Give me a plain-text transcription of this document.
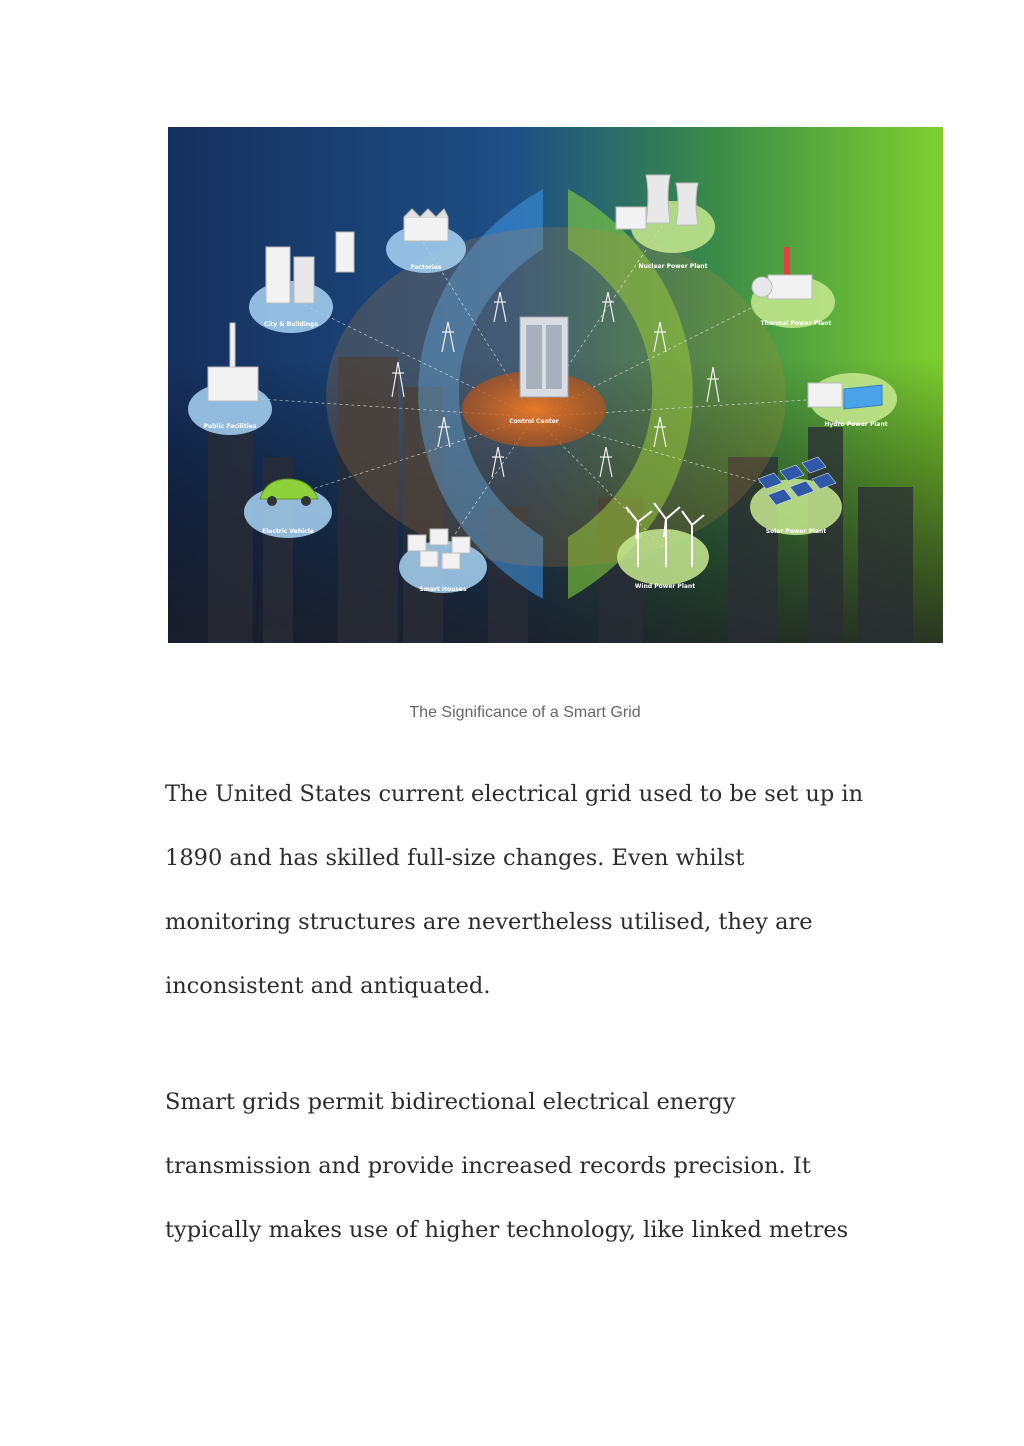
Control Center
Factories
City & Buildings
Public Facilities
Electric Vehicle
Smart Houses
Nuclear Power Plant
Thermal Power Plant
Hydro Power Plant
Solar Power Plant
Wind Power Plant
The Significance of a Smart Grid

The United States current electrical grid used to be set up in
1890 and has skilled full-size changes. Even whilst
monitoring structures are nevertheless utilised, they are
inconsistent and antiquated.

Smart grids permit bidirectional electrical energy
transmission and provide increased records precision. It
typically makes use of higher technology, like linked metres
